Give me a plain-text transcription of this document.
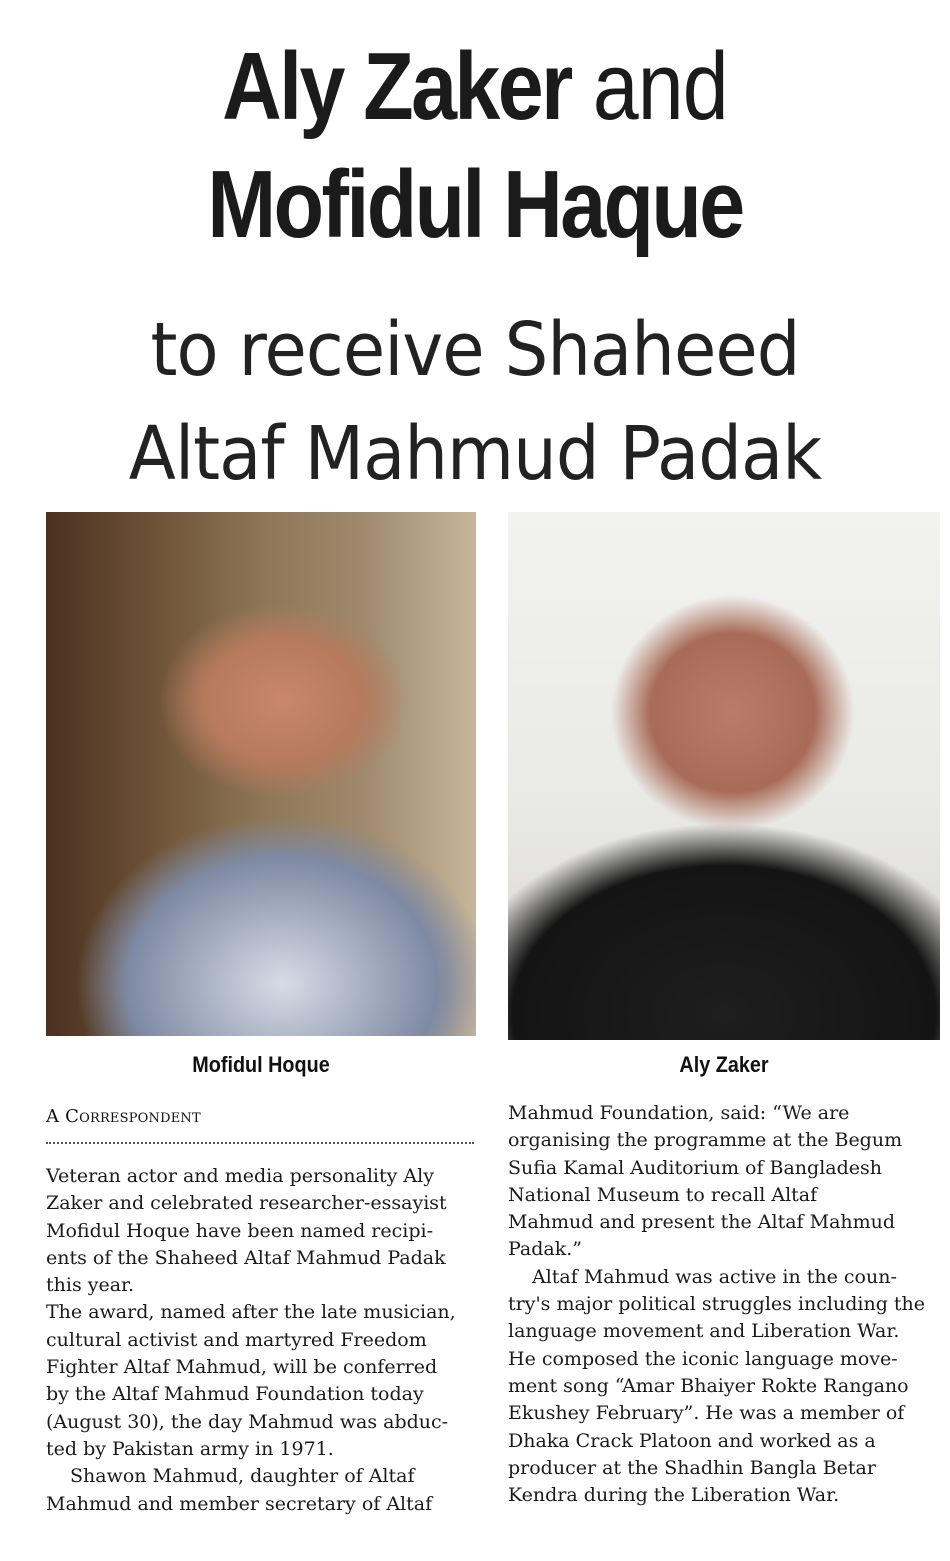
Aly Zaker and
Mofidul Haque
to receive Shaheed
Altaf Mahmud Padak
Mofidul Hoque	Aly Zaker
A Correspondent
Veteran actor and media personality Aly
Zaker and celebrated researcher-essayist
Mofidul Hoque have been named recipi-
ents of the Shaheed Altaf Mahmud Padak
this year.
The award, named after the late musician,
cultural activist and martyred Freedom
Fighter Altaf Mahmud, will be conferred
by the Altaf Mahmud Foundation today
(August 30), the day Mahmud was abduc-
ted by Pakistan army in 1971.
Shawon Mahmud, daughter of Altaf
Mahmud and member secretary of Altaf
Mahmud Foundation, said: “We are
organising the programme at the Begum
Sufia Kamal Auditorium of Bangladesh
National Museum to recall Altaf
Mahmud and present the Altaf Mahmud
Padak.”
Altaf Mahmud was active in the coun-
try's major political struggles including the
language movement and Liberation War.
He composed the iconic language move-
ment song “Amar Bhaiyer Rokte Rangano
Ekushey February”. He was a member of
Dhaka Crack Platoon and worked as a
producer at the Shadhin Bangla Betar
Kendra during the Liberation War.
